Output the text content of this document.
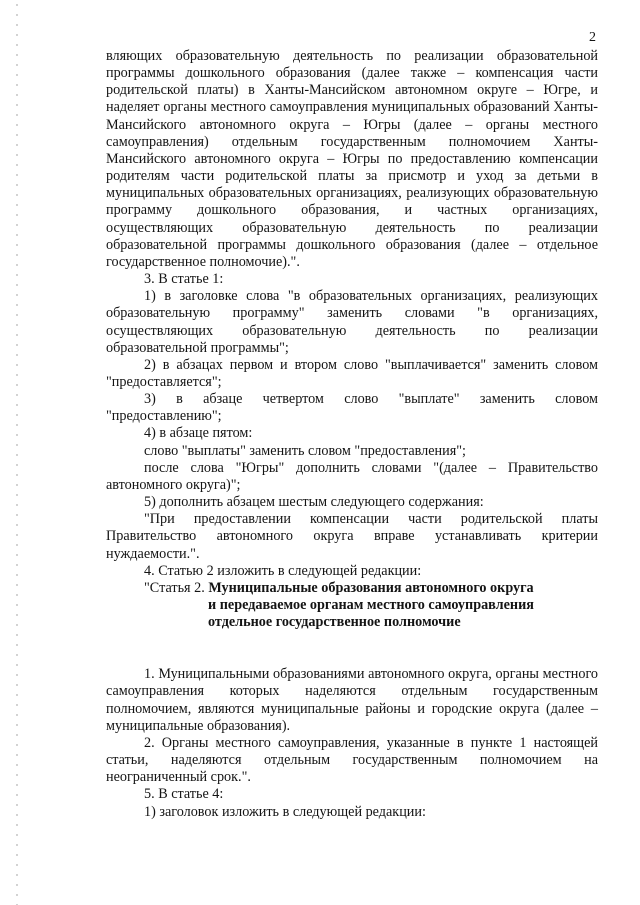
2

вляющих образовательную деятельность по реализации образовательной программы дошкольного образования (далее также – компенсация части родительской платы) в Ханты-Мансийском автономном округе – Югре, и наделяет органы местного самоуправления муниципальных образований Ханты-Мансийского автономного округа – Югры (далее – органы местного самоуправления) отдельным государственным полномочием Ханты-Мансийского автономного округа – Югры по предоставлению компенсации родителям части родительской платы за присмотр и уход за детьми в муниципальных образовательных организациях, реализующих образовательную программу дошкольного образования, и частных организациях, осуществляющих образовательную деятельность по реализации образовательной программы дошкольного образования (далее – отдельное государственное полномочие).".

3. В статье 1:

1) в заголовке слова "в образовательных организациях, реализующих образовательную программу" заменить словами "в организациях, осуществляющих образовательную деятельность по реализации образовательной программы";

2) в абзацах первом и втором слово "выплачивается" заменить словом "предоставляется";

3) в абзаце четвертом слово "выплате" заменить словом "предоставлению";

4) в абзаце пятом:

слово "выплаты" заменить словом "предоставления";

после слова "Югры" дополнить словами "(далее – Правительство автономного округа)";

5) дополнить абзацем шестым следующего содержания:

"При предоставлении компенсации части родительской платы Правительство автономного округа вправе устанавливать критерии нуждаемости.".

4. Статью 2 изложить в следующей редакции:

"Статья 2. Муниципальные образования автономного округа

и передаваемое органам местного самоуправления

отдельное государственное полномочие

1. Муниципальными образованиями автономного округа, органы местного самоуправления которых наделяются отдельным государственным полномочием, являются муниципальные районы и городские округа (далее – муниципальные образования).

2. Органы местного самоуправления, указанные в пункте 1 настоящей статьи, наделяются отдельным государственным полномочием на неограниченный срок.".

5. В статье 4:

1) заголовок изложить в следующей редакции:
